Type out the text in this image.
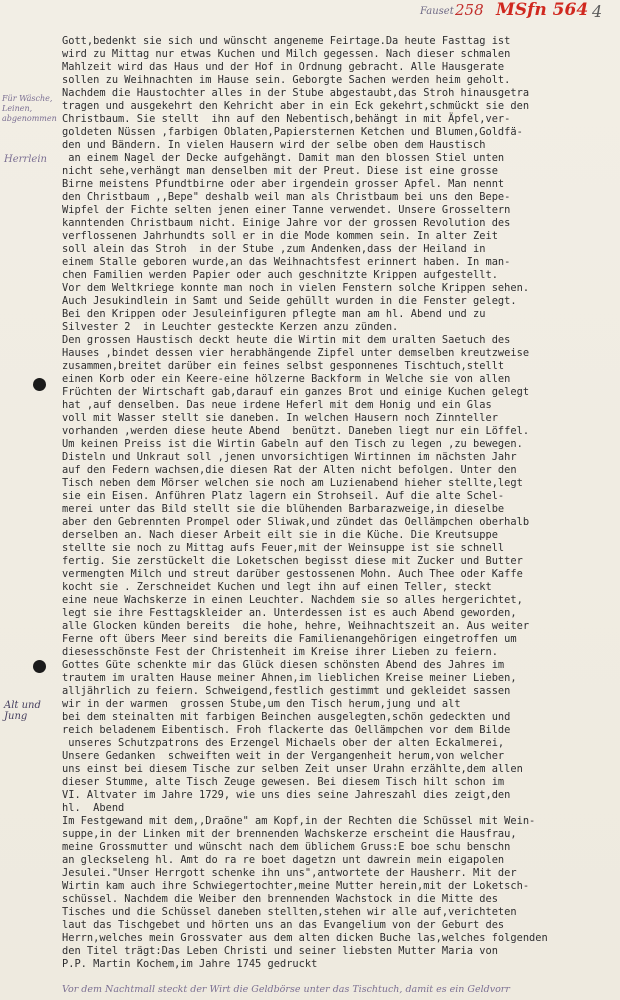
Fauset 258 MSfn 564 4
Für Wäsche, Leinen, abgenommen
Herrlein
Alt und Jung
Vor dem Nachtmall steckt der Wirt die Geldbörse unter das Tischtuch, damit es ein Geldvorr
Gott,bedenkt sie sich und wünscht angeneme Feirtage.Da heute Fasttag ist
wird zu Mittag nur etwas Kuchen und Milch gegessen. Nach dieser schmalen
Mahlzeit wird das Haus und der Hof in Ordnung gebracht. Alle Hausgerate
sollen zu Weihnachten im Hause sein. Geborgte Sachen werden heim geholt.
Nachdem die Haustochter alles in der Stube abgestaubt,das Stroh hinausgetra
tragen und ausgekehrt den Kehricht aber in ein Eck gekehrt,schmückt sie den
Christbaum. Sie stellt  ihn auf den Nebentisch,behängt in mit Äpfel,ver-
goldeten Nüssen ,farbigen Oblaten,Papiersternen Ketchen und Blumen,Goldfä-
den und Bändern. In vielen Hausern wird der selbe oben dem Haustisch
an einem Nagel der Decke aufgehängt. Damit man den blossen Stiel unten
nicht sehe,verhängt man denselben mit der Preut. Diese ist eine grosse
Birne meistens Pfundtbirne oder aber irgendein grosser Apfel. Man nennt
den Christbaum ,,Bepe" deshalb weil man als Christbaum bei uns den Bepe-
Wipfel der Fichte selten jenen einer Tanne verwendet. Unsere Grosseltern
kanntenden Christbaum nicht. Einige Jahre vor der grossen Revolution des
verflossenen Jahrhundts soll er in die Mode kommen sein. In alter Zeit
soll alein das Stroh  in der Stube ,zum Andenken,dass der Heiland in
einem Stalle geboren wurde,an das Weihnachtsfest erinnert haben. In man-
chen Familien werden Papier oder auch geschnitzte Krippen aufgestellt.
Vor dem Weltkriege konnte man noch in vielen Fenstern solche Krippen sehen.
Auch Jesukindlein in Samt und Seide gehüllt wurden in die Fenster gelegt.
Bei den Krippen oder Jesuleinfiguren pflegte man am hl. Abend und zu
Silvester 2  in Leuchter gesteckte Kerzen anzu zünden.
Den grossen Haustisch deckt heute die Wirtin mit dem uralten Saetuch des
Hauses ,bindet dessen vier herabhängende Zipfel unter demselben kreutzweise
zusammen,breitet darüber ein feines selbst gesponnenes Tischtuch,stellt
einen Korb oder ein Keere-eine hölzerne Backform in Welche sie von allen
Früchten der Wirtschaft gab,darauf ein ganzes Brot und einige Kuchen gelegt
hat ,auf denselben. Das neue irdene Heferl mit dem Honig und ein Glas
voll mit Wasser stellt sie daneben. In welchen Hausern noch Zinnteller
vorhanden ,werden diese heute Abend  benützt. Daneben liegt nur ein Löffel.
Um keinen Preiss ist die Wirtin Gabeln auf den Tisch zu legen ,zu bewegen.
Disteln und Unkraut soll ,jenen unvorsichtigen Wirtinnen im nächsten Jahr
auf den Federn wachsen,die diesen Rat der Alten nicht befolgen. Unter den
Tisch neben dem Mörser welchen sie noch am Luzienabend hieher stellte,legt
sie ein Eisen. Anführen Platz lagern ein Strohseil. Auf die alte Schel-
merei unter das Bild stellt sie die blühenden Barbarazweige,in dieselbe
aber den Gebrennten Prompel oder Sliwak,und zündet das Oellämpchen oberhalb
derselben an. Nach dieser Arbeit eilt sie in die Küche. Die Kreutsuppe
stellte sie noch zu Mittag aufs Feuer,mit der Weinsuppe ist sie schnell
fertig. Sie zerstückelt die Loketschen begisst diese mit Zucker und Butter
vermengten Milch und streut darüber gestossenen Mohn. Auch Thee oder Kaffe
kocht sie . Zerschneidet Kuchen und legt ihn auf einen Teller, steckt
eine neue Wachskerze in einen Leuchter. Nachdem sie so alles hergerichtet,
legt sie ihre Festtagskleider an. Unterdessen ist es auch Abend geworden,
alle Glocken künden bereits  die hohe, hehre, Weihnachtszeit an. Aus weiter
Ferne oft übers Meer sind bereits die Familienangehörigen eingetroffen um
diesesschönste Fest der Christenheit im Kreise ihrer Lieben zu feiern.
Gottes Güte schenkte mir das Glück diesen schönsten Abend des Jahres im
trautem im uralten Hause meiner Ahnen,im lieblichen Kreise meiner Lieben,
alljährlich zu feiern. Schweigend,festlich gestimmt und gekleidet sassen
wir in der warmen  grossen Stube,um den Tisch herum,jung und alt
bei dem steinalten mit farbigen Beinchen ausgelegten,schön gedeckten und
reich beladenem Eibentisch. Froh flackerte das Oellämpchen vor dem Bilde
unseres Schutzpatrons des Erzengel Michaels ober der alten Eckalmerei,
Unsere Gedanken  schweiften weit in der Vergangenheit herum,von welcher
uns einst bei diesem Tische zur selben Zeit unser Urahn erzählte,dem allen
dieser Stumme, alte Tisch Zeuge gewesen. Bei diesem Tisch hilt schon im
VI. Altvater im Jahre 1729, wie uns dies seine Jahreszahl dies zeigt,den
hl.  Abend
Im Festgewand mit dem,,Draöne" am Kopf,in der Rechten die Schüssel mit Wein-
suppe,in der Linken mit der brennenden Wachskerze erscheint die Hausfrau,
meine Grossmutter und wünscht nach dem üblichem Gruss:E boe schu benschn
an gleckseleng hl. Amt do ra re boet dagetzn unt dawrein mein eigapolen
Jesulei."Unser Herrgott schenke ihn uns",antwortete der Hausherr. Mit der
Wirtin kam auch ihre Schwiegertochter,meine Mutter herein,mit der Loketsch-
schüssel. Nachdem die Weiber den brennenden Wachstock in die Mitte des
Tisches und die Schüssel daneben stellten,stehen wir alle auf,verichteten
laut das Tischgebet und hörten uns an das Evangelium von der Geburt des
Herrn,welches mein Grossvater aus dem alten dicken Buche las,welches folgenden
den Titel trägt:Das Leben Christi und seiner liebsten Mutter Maria von
P.P. Martin Kochem,im Jahre 1745 gedruckt
